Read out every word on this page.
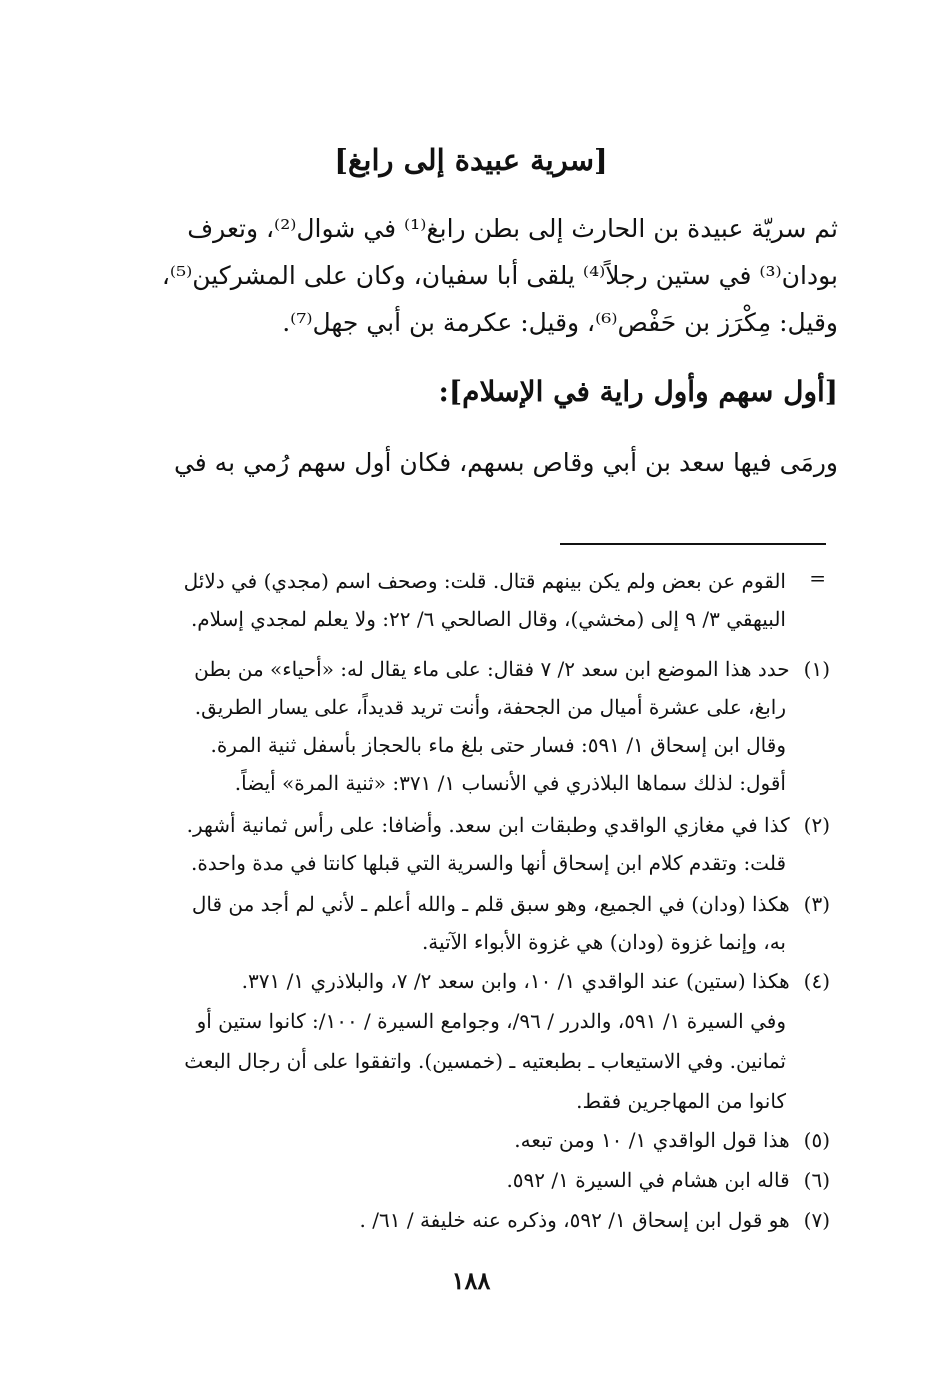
[سرية عبيدة إلى رابغ]
ثم سريّة عبيدة بن الحارث إلى بطن رابغ⁽¹⁾ في شوال⁽²⁾، وتعرف
بودان⁽³⁾ في ستين رجلاً⁽⁴⁾ يلقى أبا سفيان، وكان على المشركين⁽⁵⁾،
وقيل: مِكْرَز بن حَفْص⁽⁶⁾، وقيل: عكرمة بن أبي جهل⁽⁷⁾.
[أول سهم وأول راية في الإسلام]:
ورمَى فيها سعد بن أبي وقاص بسهم، فكان أول سهم رُمي به في
=
القوم عن بعض ولم يكن بينهم قتال. قلت: وصحف اسم (مجدي) في دلائل
البيهقي ٣/ ٩ إلى (مخشي)، وقال الصالحي ٦/ ٢٢: ولا يعلم لمجدي إسلام.
(١) حدد هذا الموضع ابن سعد ٢/ ٧ فقال: على ماء يقال له: «أحياء» من بطن
رابغ، على عشرة أميال من الجحفة، وأنت تريد قديداً، على يسار الطريق.
وقال ابن إسحاق ١/ ٥٩١: فسار حتى بلغ ماء بالحجاز بأسفل ثنية المرة.
أقول: لذلك سماها البلاذري في الأنساب ١/ ٣٧١: «ثنية المرة» أيضاً.
(٢) كذا في مغازي الواقدي وطبقات ابن سعد. وأضافا: على رأس ثمانية أشهر.
قلت: وتقدم كلام ابن إسحاق أنها والسرية التي قبلها كانتا في مدة واحدة.
(٣) هكذا (ودان) في الجميع، وهو سبق قلم ـ والله أعلم ـ لأني لم أجد من قال
به، وإنما غزوة (ودان) هي غزوة الأبواء الآتية.
(٤) هكذا (ستين) عند الواقدي ١/ ١٠، وابن سعد ٢/ ٧، والبلاذري ١/ ٣٧١.
وفي السيرة ١/ ٥٩١، والدرر / ٩٦/، وجوامع السيرة / ١٠٠/: كانوا ستين أو
ثمانين. وفي الاستيعاب ـ بطبعتيه ـ (خمسين). واتفقوا على أن رجال البعث
كانوا من المهاجرين فقط.
(٥) هذا قول الواقدي ١/ ١٠ ومن تبعه.
(٦) قاله ابن هشام في السيرة ١/ ٥٩٢.
(٧) هو قول ابن إسحاق ١/ ٥٩٢، وذكره عنه خليفة / ٦١/ .
١٨٨
